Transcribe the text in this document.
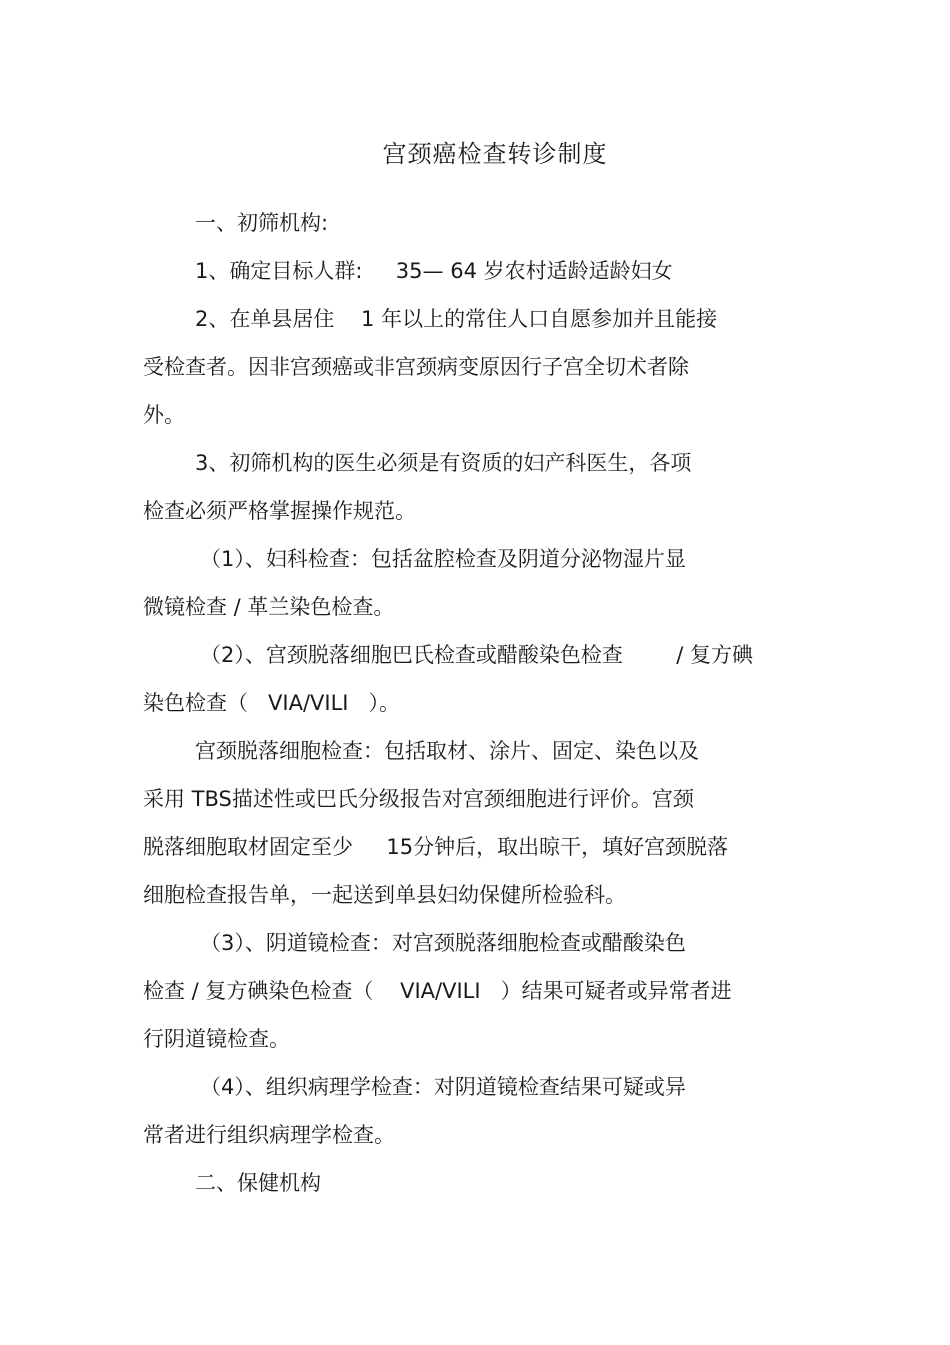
宫颈癌检查转诊制度
一、初筛机构:
1、确定目标人群:     35— 64 岁农村适龄适龄妇女
2、在单县居住    1 年以上的常住人口自愿参加并且能接
受检查者。因非宫颈癌或非宫颈病变原因行子宫全切术者除
外。
3、初筛机构的医生必须是有资质的妇产科医生，各项
检查必须严格掌握操作规范。
（1）、妇科检查：包括盆腔检查及阴道分泌物湿片显
微镜检查 / 革兰染色检查。
（2）、宫颈脱落细胞巴氏检查或醋酸染色检查        / 复方碘
染色检查（   VIA/VILI   ）。
宫颈脱落细胞检查：包括取材、涂片、固定、染色以及
采用 TBS描述性或巴氏分级报告对宫颈细胞进行评价。宫颈
脱落细胞取材固定至少     15分钟后，取出晾干，填好宫颈脱落
细胞检查报告单，一起送到单县妇幼保健所检验科。
（3）、阴道镜检查：对宫颈脱落细胞检查或醋酸染色
检查 / 复方碘染色检查（    VIA/VILI   ）结果可疑者或异常者进
行阴道镜检查。
（4）、组织病理学检查：对阴道镜检查结果可疑或异
常者进行组织病理学检查。
二、保健机构
